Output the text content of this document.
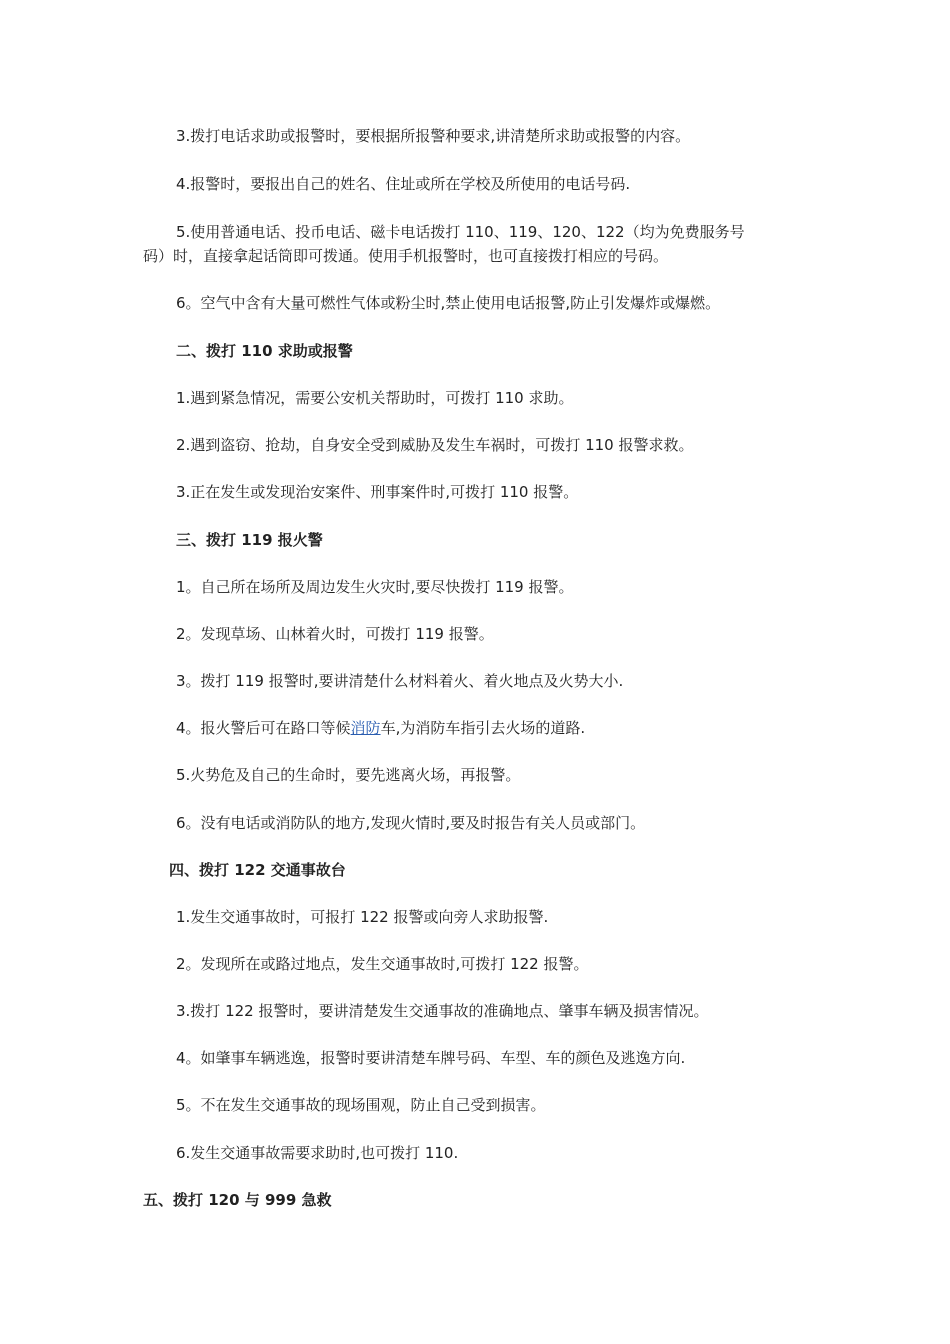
3.拨打电话求助或报警时，要根据所报警种要求,讲清楚所求助或报警的内容。
4.报警时，要报出自己的姓名、住址或所在学校及所使用的电话号码.
5.使用普通电话、投币电话、磁卡电话拨打 110、119、120、122（均为免费服务号
码）时，直接拿起话筒即可拨通。使用手机报警时，也可直接拨打相应的号码。
6。空气中含有大量可燃性气体或粉尘时,禁止使用电话报警,防止引发爆炸或爆燃。
二、拨打 110 求助或报警
1.遇到紧急情况，需要公安机关帮助时，可拨打 110 求助。
2.遇到盗窃、抢劫，自身安全受到威胁及发生车祸时，可拨打 110 报警求救。
3.正在发生或发现治安案件、刑事案件时,可拨打 110 报警。
三、拨打 119 报火警
1。自己所在场所及周边发生火灾时,要尽快拨打 119 报警。
2。发现草场、山林着火时，可拨打 119 报警。
3。拨打 119 报警时,要讲清楚什么材料着火、着火地点及火势大小.
4。报火警后可在路口等候消防车,为消防车指引去火场的道路.
5.火势危及自己的生命时，要先逃离火场，再报警。
6。没有电话或消防队的地方,发现火情时,要及时报告有关人员或部门。
四、拨打 122 交通事故台
1.发生交通事故时，可报打 122 报警或向旁人求助报警.
2。发现所在或路过地点，发生交通事故时,可拨打 122 报警。
3.拨打 122 报警时，要讲清楚发生交通事故的准确地点、肇事车辆及损害情况。
4。如肇事车辆逃逸，报警时要讲清楚车牌号码、车型、车的颜色及逃逸方向.
5。不在发生交通事故的现场围观，防止自己受到损害。
6.发生交通事故需要求助时,也可拨打 110.
五、拨打 120 与 999 急救
